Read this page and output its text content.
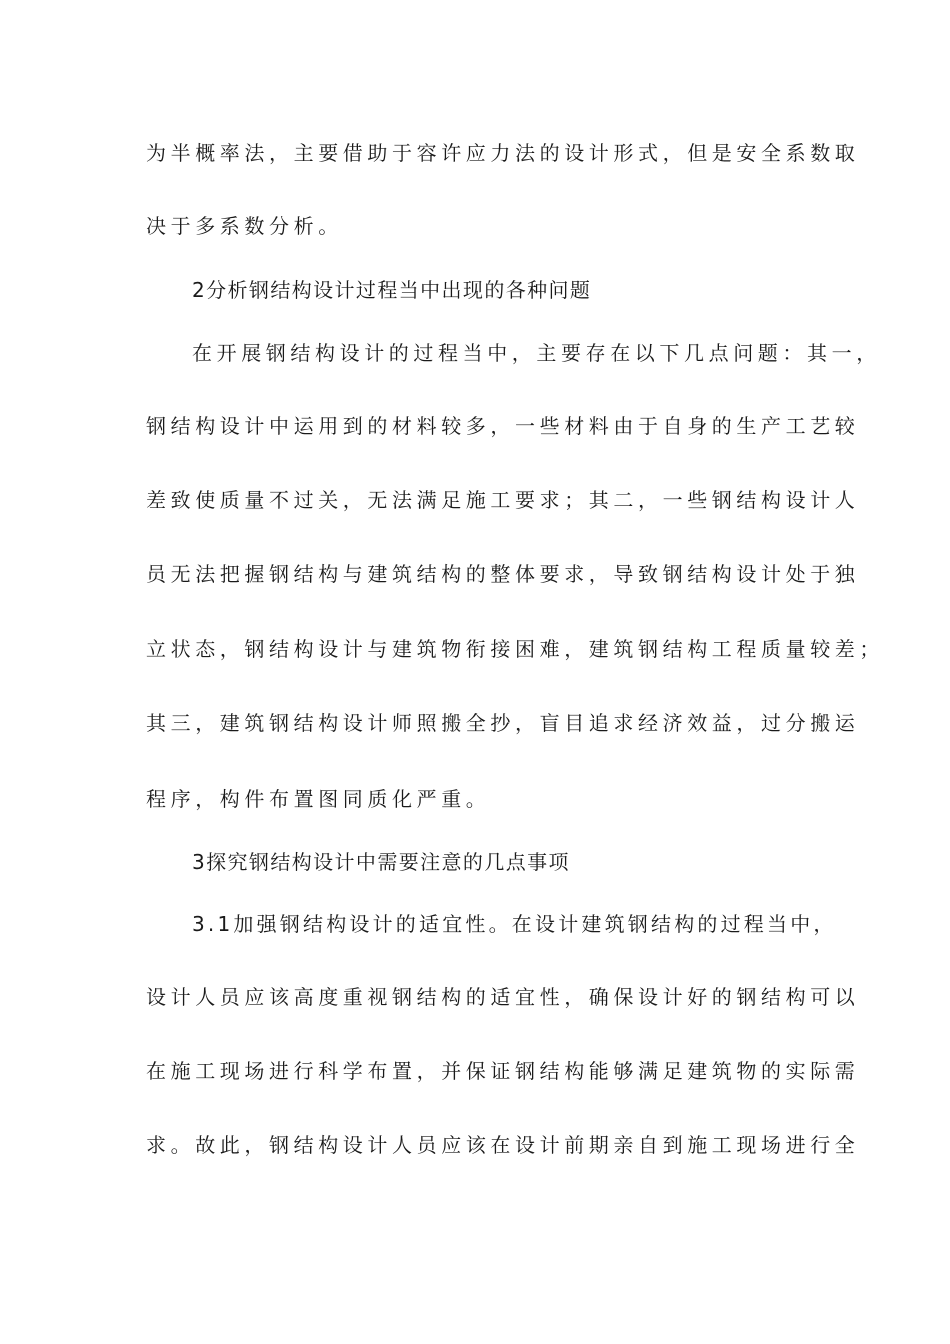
为半概率法，主要借助于容许应力法的设计形式，但是安全系数取
决于多系数分析。
2分析钢结构设计过程当中出现的各种问题
在开展钢结构设计的过程当中，主要存在以下几点问题：其一，
钢结构设计中运用到的材料较多，一些材料由于自身的生产工艺较
差致使质量不过关，无法满足施工要求；其二，一些钢结构设计人
员无法把握钢结构与建筑结构的整体要求，导致钢结构设计处于独
立状态，钢结构设计与建筑物衔接困难，建筑钢结构工程质量较差；
其三，建筑钢结构设计师照搬全抄，盲目追求经济效益，过分搬运
程序，构件布置图同质化严重。
3探究钢结构设计中需要注意的几点事项
3.1加强钢结构设计的适宜性。在设计建筑钢结构的过程当中，
设计人员应该高度重视钢结构的适宜性，确保设计好的钢结构可以
在施工现场进行科学布置，并保证钢结构能够满足建筑物的实际需
求。故此，钢结构设计人员应该在设计前期亲自到施工现场进行全
